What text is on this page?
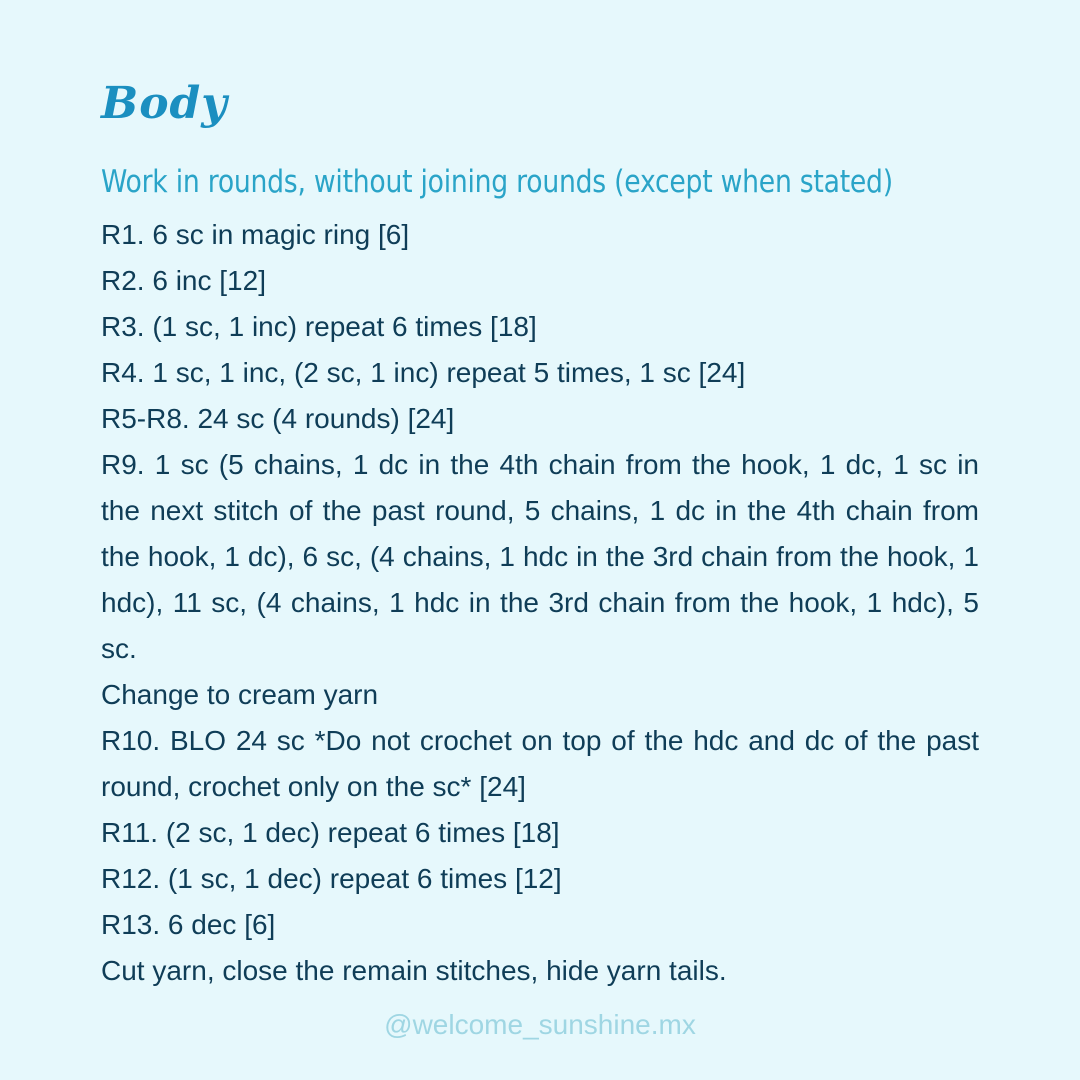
Body

Work in rounds, without joining rounds (except when stated)

R1. 6 sc in magic ring [6]

R2. 6 inc [12]

R3. (1 sc, 1 inc) repeat 6 times [18]

R4. 1 sc, 1 inc, (2 sc, 1 inc) repeat 5 times, 1 sc [24]

R5-R8. 24 sc (4 rounds) [24]

R9. 1 sc (5 chains, 1 dc in the 4th chain from the hook, 1 dc, 1 sc in the next stitch of the past round, 5 chains, 1 dc in the 4th chain from the hook, 1 dc), 6 sc, (4 chains, 1 hdc in the 3rd chain from the hook, 1 hdc), 11 sc, (4 chains, 1 hdc in the 3rd chain from the hook, 1 hdc), 5 sc.

Change to cream yarn

R10. BLO 24 sc *Do not crochet on top of the hdc and dc of the past round, crochet only on the sc* [24]

R11. (2 sc, 1 dec) repeat 6 times [18]

R12. (1 sc, 1 dec) repeat 6 times [12]

R13. 6 dec [6]

Cut yarn, close the remain stitches, hide yarn tails.

@welcome_sunshine.mx
